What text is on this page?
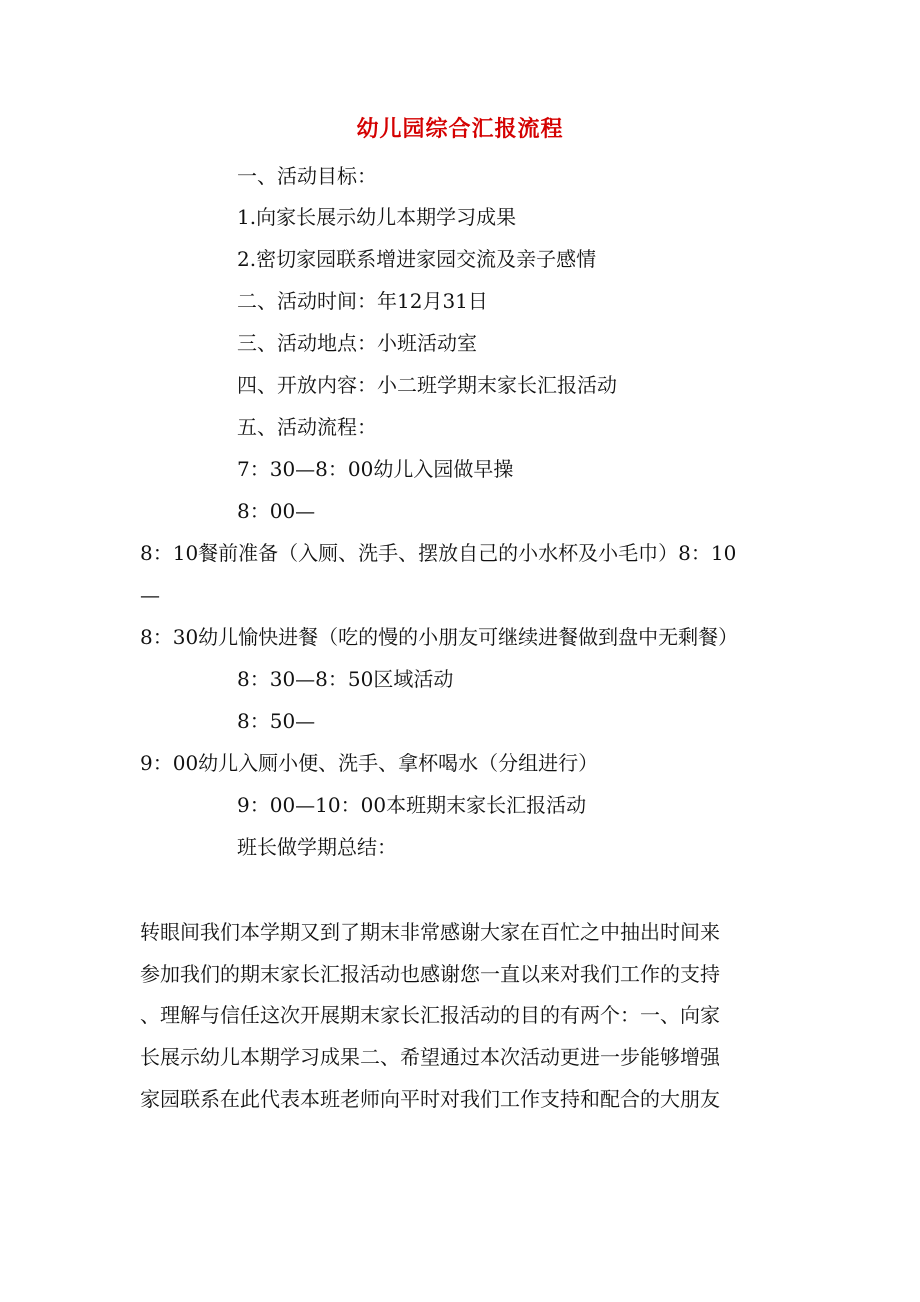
幼儿园综合汇报流程
一、活动目标：
1.向家长展示幼儿本期学习成果
2.密切家园联系增进家园交流及亲子感情
二、活动时间：年12月31日
三、活动地点：小班活动室
四、开放内容：小二班学期末家长汇报活动
五、活动流程：
7：30—8：00幼儿入园做早操
8：00—
8：10餐前准备（入厕、洗手、摆放自己的小水杯及小毛巾）8：10
—
8：30幼儿愉快进餐（吃的慢的小朋友可继续进餐做到盘中无剩餐）
8：30—8：50区域活动
8：50—
9：00幼儿入厕小便、洗手、拿杯喝水（分组进行）
9：00—10：00本班期末家长汇报活动
班长做学期总结：
转眼间我们本学期又到了期末非常感谢大家在百忙之中抽出时间来
参加我们的期末家长汇报活动也感谢您一直以来对我们工作的支持
、理解与信任这次开展期末家长汇报活动的目的有两个：一、向家
长展示幼儿本期学习成果二、希望通过本次活动更进一步能够增强
家园联系在此代表本班老师向平时对我们工作支持和配合的大朋友
